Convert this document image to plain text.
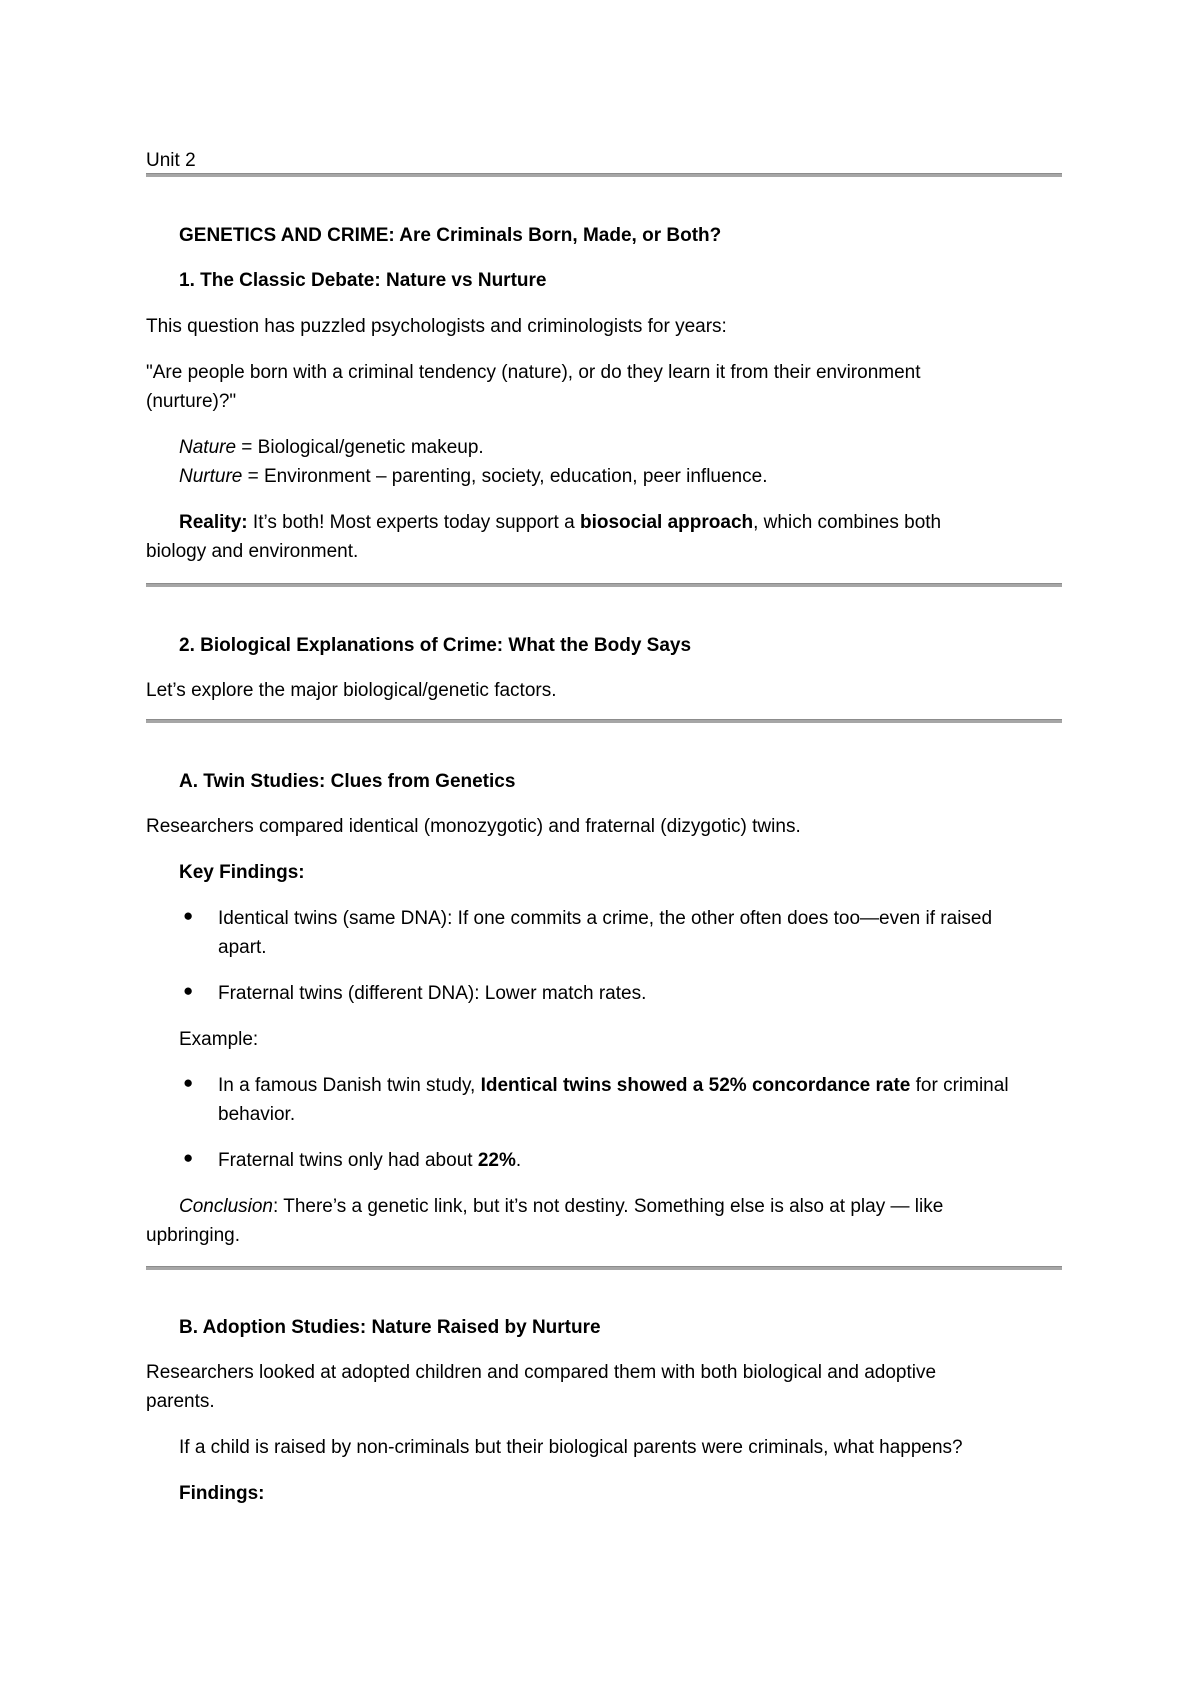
Unit 2
GENETICS AND CRIME: Are Criminals Born, Made, or Both?
1. The Classic Debate: Nature vs Nurture
This question has puzzled psychologists and criminologists for years:
"Are people born with a criminal tendency (nature), or do they learn it from their environment
(nurture)?"
Nature = Biological/genetic makeup.
Nurture = Environment – parenting, society, education, peer influence.
Reality: It’s both! Most experts today support a biosocial approach, which combines both
biology and environment.
2. Biological Explanations of Crime: What the Body Says
Let’s explore the major biological/genetic factors.
A. Twin Studies: Clues from Genetics
Researchers compared identical (monozygotic) and fraternal (dizygotic) twins.
Key Findings:
● Identical twins (same DNA): If one commits a crime, the other often does too—even if raised
apart.
● Fraternal twins (different DNA): Lower match rates.
Example:
● In a famous Danish twin study, Identical twins showed a 52% concordance rate for criminal
behavior.
● Fraternal twins only had about 22%.
Conclusion: There’s a genetic link, but it’s not destiny. Something else is also at play — like
upbringing.
B. Adoption Studies: Nature Raised by Nurture
Researchers looked at adopted children and compared them with both biological and adoptive
parents.
If a child is raised by non-criminals but their biological parents were criminals, what happens?
Findings:
